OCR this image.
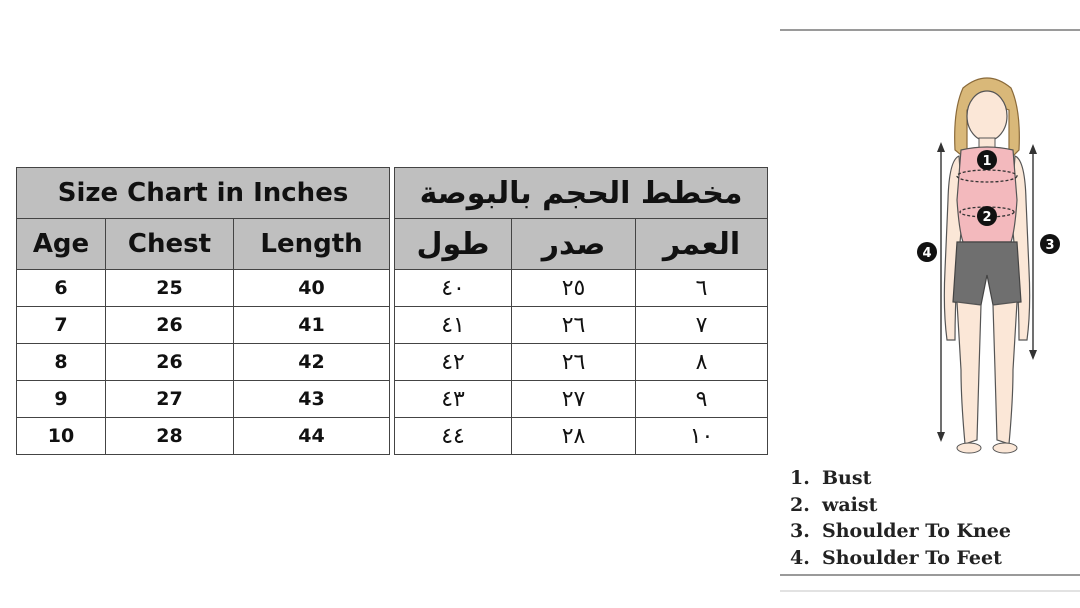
Size Chart in Inches		
Age	Chest	Length
6	25	40
7	26	41
8	26	42
9	27	43
10	28	44
مخطط الحجم بالبوصة		
العمر	صدر	طول
٦	٢٥	٤٠
٧	٢٦	٤١
٨	٢٦	٤٢
٩	٢٧	٤٣
١٠	٢٨	٤٤
1
2
3
4
1. Bust
2. waist
3. Shoulder To Knee
4. Shoulder To Feet
